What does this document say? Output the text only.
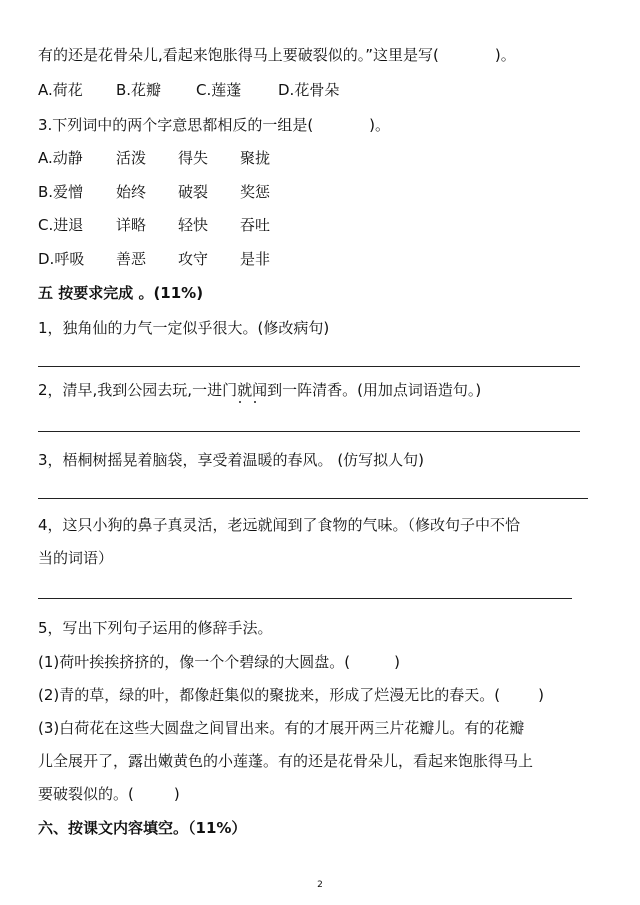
有的还是花骨朵儿,看起来饱胀得马上要破裂似的。”这里是写(	)。
A.荷花 B.花瓣 C.莲蓬 D.花骨朵
3.下列词中的两个字意思都相反的一组是(	)。
A.动静 活泼 得失 聚拢
B.爱憎 始终 破裂 奖惩
C.进退 详略 轻快 吞吐
D.呼吸 善恶 攻守 是非
五 按要求完成 。(11%)
1，独角仙的力气一定似乎很大。(修改病句)
2，清早,我到公园去玩,一进门就闻到一阵清香。(用加点词语造句。)
3，梧桐树摇晃着脑袋，享受着温暖的春风。 (仿写拟人句)
4，这只小狗的鼻子真灵活，老远就闻到了食物的气味。（修改句子中不恰
当的词语）
5，写出下列句子运用的修辞手法。
(1)荷叶挨挨挤挤的，像一个个碧绿的大圆盘。(	)
(2)青的草，绿的叶，都像赶集似的聚拢来，形成了烂漫无比的春天。(	)
(3)白荷花在这些大圆盘之间冒出来。有的才展开两三片花瓣儿。有的花瓣
儿全展开了，露出嫩黄色的小莲蓬。有的还是花骨朵儿，看起来饱胀得马上
要破裂似的。(	)
六、按课文内容填空。（11%）
2
